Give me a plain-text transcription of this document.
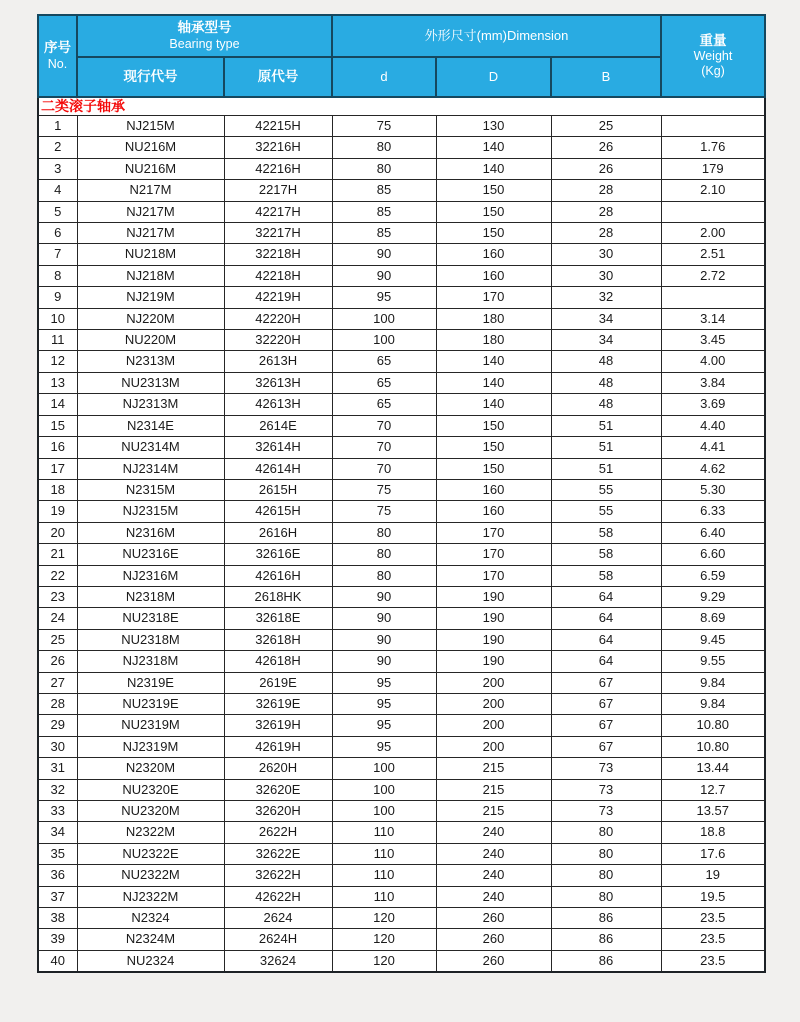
序号
No.

轴承型号
Bearing type
	外形尺寸(mm)Dimension	重量
Weight
(Kg)

	现行代号	原代号	d	D	B	
二类滚子轴承						
1	NJ215M	42215H	75	130	25	
2	NU216M	32216H	80	140	26	1.76
3	NU216M	42216H	80	140	26	179
4	N217M	2217H	85	150	28	2.10
5	NJ217M	42217H	85	150	28	
6	NJ217M	32217H	85	150	28	2.00
7	NU218M	32218H	90	160	30	2.51
8	NJ218M	42218H	90	160	30	2.72
9	NJ219M	42219H	95	170	32	
10	NJ220M	42220H	100	180	34	3.14
11	NU220M	32220H	100	180	34	3.45
12	N2313M	2613H	65	140	48	4.00
13	NU2313M	32613H	65	140	48	3.84
14	NJ2313M	42613H	65	140	48	3.69
15	N2314E	2614E	70	150	51	4.40
16	NU2314M	32614H	70	150	51	4.41
17	NJ2314M	42614H	70	150	51	4.62
18	N2315M	2615H	75	160	55	5.30
19	NJ2315M	42615H	75	160	55	6.33
20	N2316M	2616H	80	170	58	6.40
21	NU2316E	32616E	80	170	58	6.60
22	NJ2316M	42616H	80	170	58	6.59
23	N2318M	2618HK	90	190	64	9.29
24	NU2318E	32618E	90	190	64	8.69
25	NU2318M	32618H	90	190	64	9.45
26	NJ2318M	42618H	90	190	64	9.55
27	N2319E	2619E	95	200	67	9.84
28	NU2319E	32619E	95	200	67	9.84
29	NU2319M	32619H	95	200	67	10.80
30	NJ2319M	42619H	95	200	67	10.80
31	N2320M	2620H	100	215	73	13.44
32	NU2320E	32620E	100	215	73	12.7
33	NU2320M	32620H	100	215	73	13.57
34	N2322M	2622H	110	240	80	18.8
35	NU2322E	32622E	110	240	80	17.6
36	NU2322M	32622H	110	240	80	19
37	NJ2322M	42622H	110	240	80	19.5
38	N2324	2624	120	260	86	23.5
39	N2324M	2624H	120	260	86	23.5
40	NU2324	32624	120	260	86	23.5
